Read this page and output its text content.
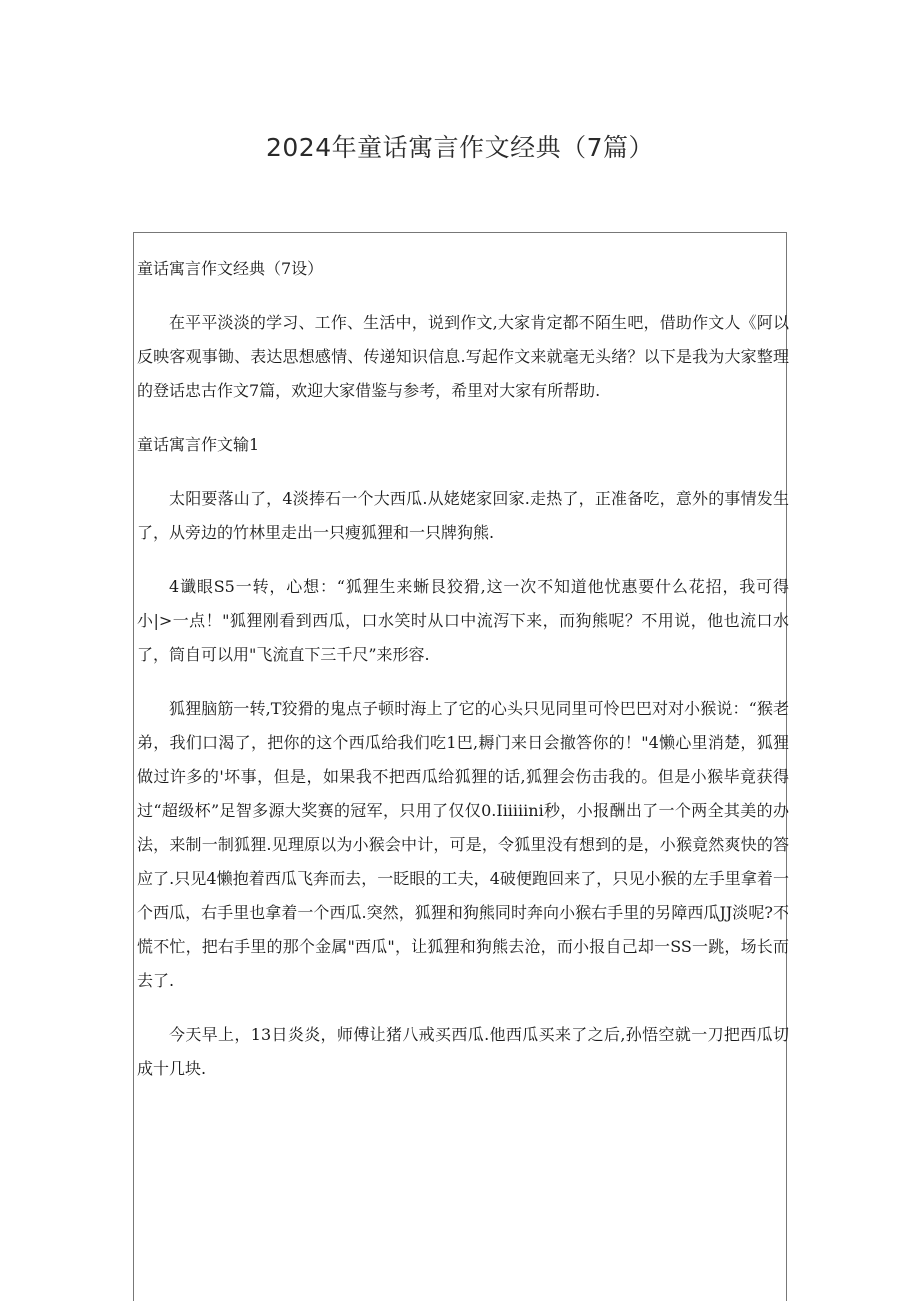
2024年童话寓言作文经典（7篇）

童话寓言作文经典（7设）

在平平淡淡的学习、工作、生活中，说到作文,大家肯定都不陌生吧，借助作文人《阿以反映客观事锄、表达思想感情、传递知识信息.写起作文来就毫无头绪？以下是我为大家整理的登话忠古作文7篇，欢迎大家借鉴与参考，希里对大家有所帮助.

童话寓言作文输1

太阳要落山了，4淡捧石一个大西瓜.从姥姥家回家.走热了，正准备吃，意外的事情发生了，从旁边的竹林里走出一只瘦狐狸和一只牌狗熊.

4谶眼S5一转，心想：“狐狸生来蜥艮狡猾,这一次不知道他忧惠要什么花招，我可得小|>一点！"狐狸刚看到西瓜，口水笑时从口中流泻下来，而狗熊呢？不用说，他也流口水了，筒自可以用"飞流直下三千尺”来形容.

狐狸脑筋一转,T狡猾的鬼点子顿时海上了它的心头只见同里可怜巴巴对对小猴说：“猴老弟，我们口渴了，把你的这个西瓜给我们吃1巴,耨门来日会撤答你的！"4懒心里消楚，狐狸做过许多的'坏事，但是，如果我不把西瓜给狐狸的话,狐狸会伤击我的。但是小猴毕竟获得过“超级杯”足智多源大奖赛的冠军，只用了仅仅0.Iiiiiini秒，小报酬出了一个两全其美的办法，来制一制狐狸.见理原以为小猴会中计，可是，令狐里没有想到的是，小猴竟然爽快的答应了.只见4懒抱着西瓜飞奔而去，一眨眼的工夫，4破便跑回来了，只见小猴的左手里拿着一个西瓜，右手里也拿着一个西瓜.突然，狐狸和狗熊同时奔向小猴右手里的另障西瓜JJ淡呢?不慌不忙，把右手里的那个金属"西瓜"，让狐狸和狗熊去沧，而小报自己却一SS一跳，场长而去了.

今天早上，13日炎炎，师傅让猪八戒买西瓜.他西瓜买来了之后,孙悟空就一刀把西瓜切成十几块.
